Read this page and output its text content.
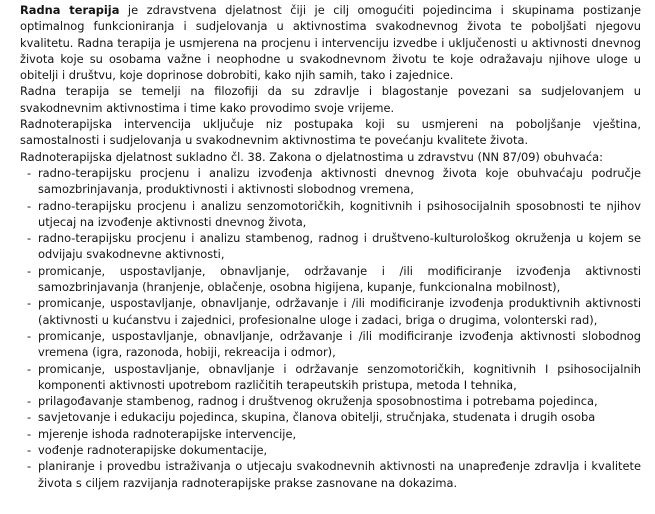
Radna terapija je zdravstvena djelatnost čiji je cilj omogućiti pojedincima i skupinama postizanje optimalnog funkcioniranja i sudjelovanja u aktivnostima svakodnevnog života te poboljšati njegovu kvalitetu. Radna terapija je usmjerena na procjenu i intervenciju izvedbe i uključenosti u aktivnosti dnevnog života koje su osobama važne i neophodne u svakodnevnom životu te koje odražavaju njihove uloge u obitelji i društvu, koje doprinose dobrobiti, kako njih samih, tako i zajednice.

Radna terapija se temelji na filozofiji da su zdravlje i blagostanje povezani sa sudjelovanjem u svakodnevnim aktivnostima i time kako provodimo svoje vrijeme.

Radnoterapijska intervencija uključuje niz postupaka koji su usmjereni na poboljšanje vještina, samostalnosti i sudjelovanja u svakodnevnim aktivnostima te povećanju kvalitete života.

Radnoterapijska djelatnost sukladno čl. 38. Zakona o djelatnostima u zdravstvu (NN 87/09) obuhvaća:

- radno-terapijsku procjenu i analizu izvođenja aktivnosti dnevnog života koje obuhvaćaju područje samozbrinjavanja, produktivnosti i aktivnosti slobodnog vremena,
- radno-terapijsku procjenu i analizu senzomotoričkih, kognitivnih i psihosocijalnih sposobnosti te njihov utjecaj na izvođenje aktivnosti dnevnog života,
- radno-terapijsku procjenu i analizu stambenog, radnog i društveno-kulturološkog okruženja u kojem se odvijaju svakodnevne aktivnosti,
- promicanje, uspostavljanje, obnavljanje, održavanje i /ili modificiranje izvođenja aktivnosti samozbrinjavanja (hranjenje, oblačenje, osobna higijena, kupanje, funkcionalna mobilnost),
- promicanje, uspostavljanje, obnavljanje, održavanje i /ili modificiranje izvođenja produktivnih aktivnosti (aktivnosti u kućanstvu i zajednici, profesionalne uloge i zadaci, briga o drugima, volonterski rad),
- promicanje, uspostavljanje, obnavljanje, održavanje i /ili modificiranje izvođenja aktivnosti slobodnog vremena (igra, razonoda, hobiji, rekreacija i odmor),
- promicanje, uspostavljanje, obnavljanje i održavanje senzomotoričkih, kognitivnih I psihosocijalnih komponenti aktivnosti upotrebom različitih terapeutskih pristupa, metoda I tehnika,
- prilagođavanje stambenog, radnog i društvenog okruženja sposobnostima i potrebama pojedinca,
- savjetovanje i edukaciju pojedinca, skupina, članova obitelji, stručnjaka, studenata i drugih osoba
- mjerenje ishoda radnoterapijske intervencije,
- vođenje radnoterapijske dokumentacije,
- planiranje i provedbu istraživanja o utjecaju svakodnevnih aktivnosti na unapređenje zdravlja i kvalitete života s ciljem razvijanja radnoterapijske prakse zasnovane na dokazima.
